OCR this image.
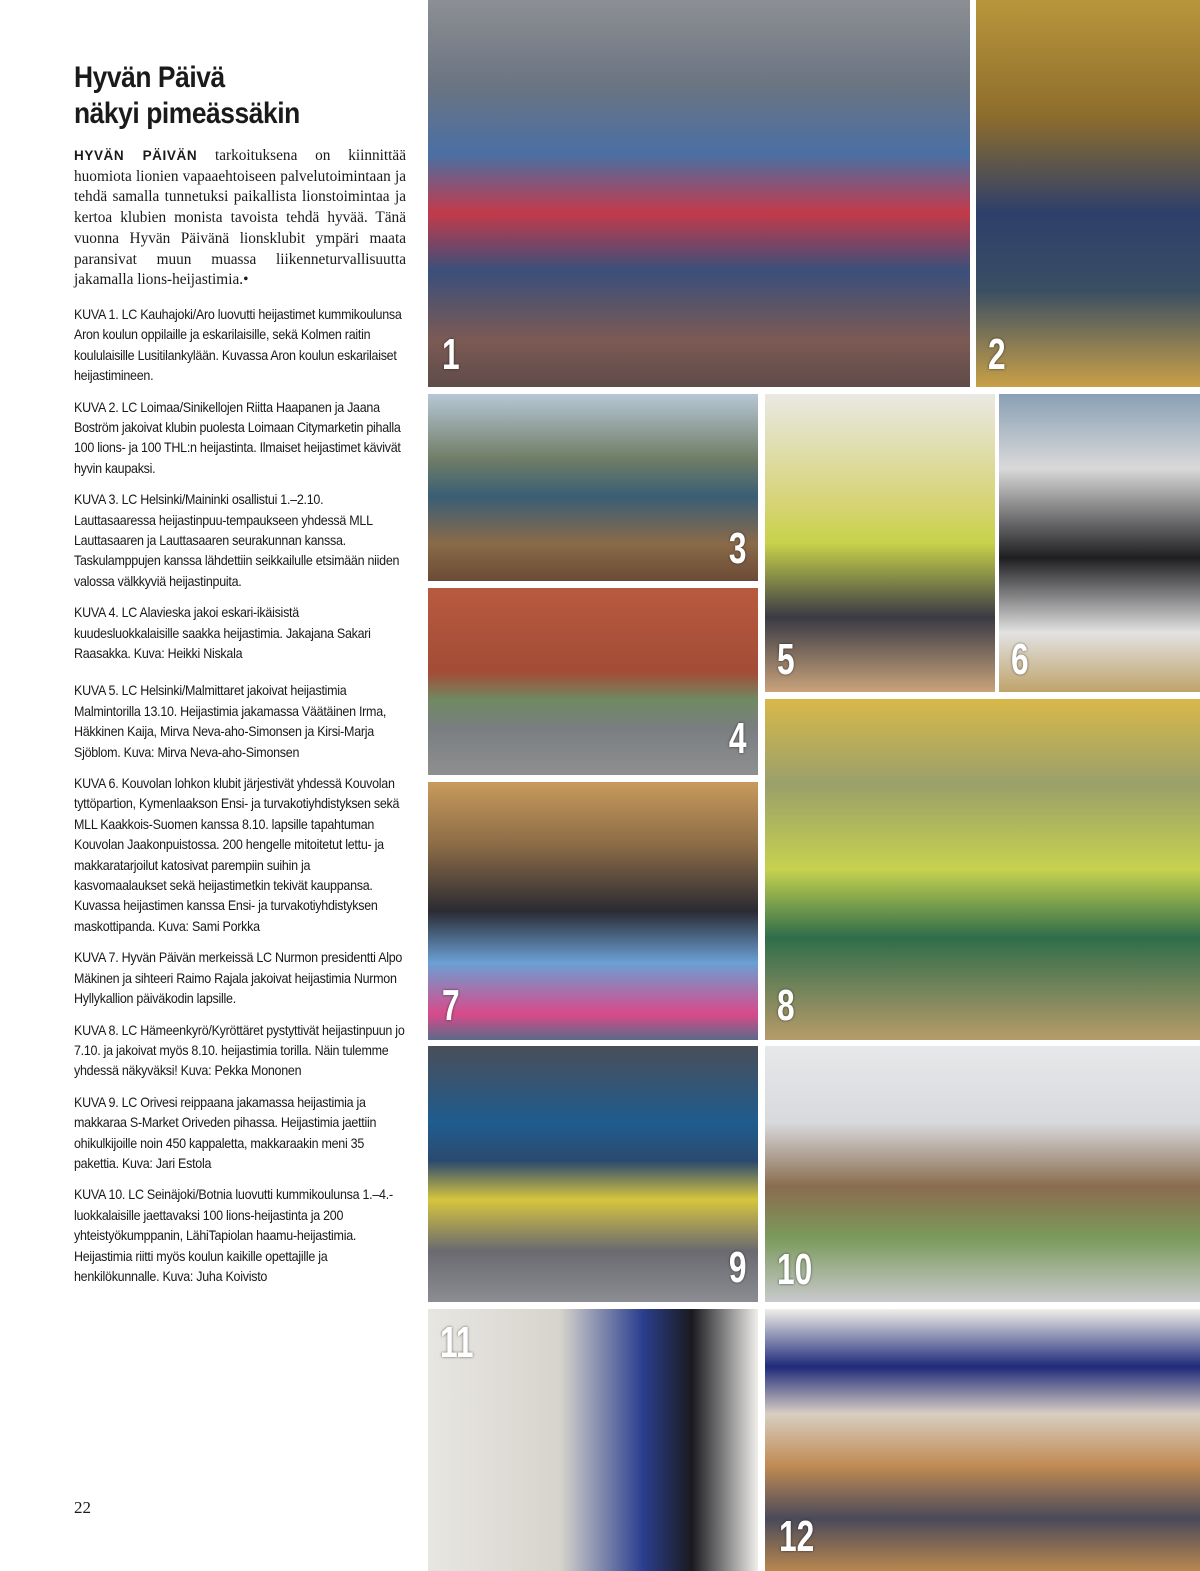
Hyvän Päivä
näkyi pimeässäkin

HYVÄN PÄIVÄN tarkoituksena on kiinnittää huomiota lionien vapaaehtoiseen palvelutoimintaan ja tehdä samalla tunnetuksi paikallista lionstoimintaa ja kertoa klubien monista tavoista tehdä hyvää. Tänä vuonna Hyvän Päivänä lionsklubit ympäri maata paransivat muun muassa liikenneturvallisuutta jakamalla lions-heijastimia.•

KUVA 1. LC Kauhajoki/Aro luovutti heijastimet kummikoulunsa Aron koulun oppilaille ja eskarilaisille, sekä Kolmen raitin koululaisille Lusitilankylään. Kuvassa Aron koulun eskarilaiset heijastimineen.

KUVA 2. LC Loimaa/Sinikellojen Riitta Haapanen ja Jaana Boström jakoivat klubin puolesta Loimaan Citymarketin pihalla 100 lions- ja 100 THL:n heijastinta. Ilmaiset heijastimet kävivät hyvin kaupaksi.

KUVA 3. LC Helsinki/Maininki osallistui 1.–2.10. Lauttasaaressa heijastinpuu-tempaukseen yhdessä MLL Lauttasaaren ja Lauttasaaren seurakunnan kanssa. Taskulamppujen kanssa lähdettiin seikkailulle etsimään niiden valossa välkkyviä heijastinpuita.

KUVA 4. LC Alavieska jakoi eskari-ikäisistä kuudesluokkalaisille saakka heijastimia. Jakajana Sakari Raasakka. Kuva: Heikki Niskala

KUVA 5. LC Helsinki/Malmittaret jakoivat heijastimia Malmintorilla 13.10. Heijastimia jakamassa Väätäinen Irma, Häkkinen Kaija, Mirva Neva-aho-Simonsen ja Kirsi-Marja Sjöblom. Kuva: Mirva Neva-aho-Simonsen

KUVA 6. Kouvolan lohkon klubit järjestivät yhdessä Kouvolan tyttöpartion, Kymenlaakson Ensi- ja turvakotiyhdistyksen sekä MLL Kaakkois-Suomen kanssa 8.10. lapsille tapahtuman Kouvolan Jaakonpuistossa. 200 hengelle mitoitetut lettu- ja makkaratarjoilut katosivat parempiin suihin ja kasvomaalaukset sekä heijastimetkin tekivät kauppansa. Kuvassa heijastimen kanssa Ensi- ja turvakotiyhdistyksen maskottipanda. Kuva: Sami Porkka

KUVA 7. Hyvän Päivän merkeissä LC Nurmon presidentti Alpo Mäkinen ja sihteeri Raimo Rajala jakoivat heijastimia Nurmon Hyllykallion päiväkodin lapsille.

KUVA 8. LC Hämeenkyrö/Kyröttäret pystyttivät heijastinpuun jo 7.10. ja jakoivat myös 8.10. heijastimia torilla. Näin tulemme yhdessä näkyväksi! Kuva: Pekka Mononen

KUVA 9. LC Orivesi reippaana jakamassa heijastimia ja makkaraa S-Market Oriveden pihassa. Heijastimia jaettiin ohikulkijoille noin 450 kappaletta, makkaraakin meni 35 pakettia. Kuva: Jari Estola

KUVA 10. LC Seinäjoki/Botnia luovutti kummikoulunsa 1.–4.-luokkalaisille jaettavaksi 100 lions-heijastinta ja 200 yhteistyökumppanin, LähiTapiolan haamu-heijastimia. Heijastimia riitti myös koulun kaikille opettajille ja henkilökunnalle. Kuva: Juha Koivisto

22
1	2
3
4
5	6
7	8
9 10
11
12
